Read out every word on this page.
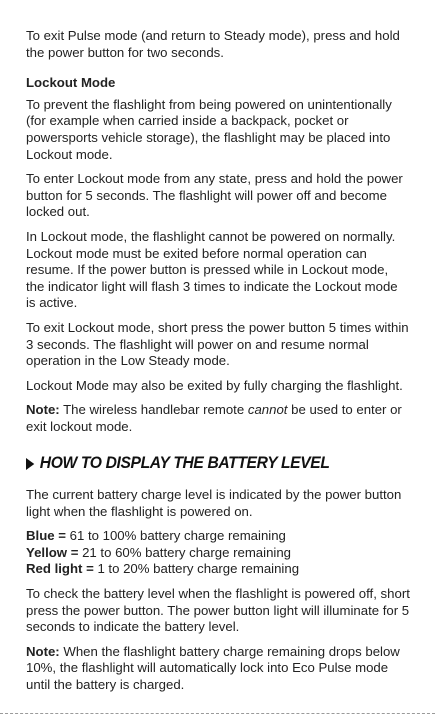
To exit Pulse mode (and return to Steady mode), press and hold the power button for two seconds.

Lockout Mode

To prevent the flashlight from being powered on unintentionally (for example when carried inside a backpack, pocket or powersports vehicle storage), the flashlight may be placed into Lockout mode.

To enter Lockout mode from any state, press and hold the power button for 5 seconds. The flashlight will power off and become locked out.

In Lockout mode, the flashlight cannot be powered on normally. Lockout mode must be exited before normal operation can resume. If the power button is pressed while in Lockout mode, the indicator light will flash 3 times to indicate the Lockout mode is active.

To exit Lockout mode, short press the power button 5 times within 3 seconds. The flashlight will power on and resume normal operation in the Low Steady mode.

Lockout Mode may also be exited by fully charging the flashlight.

Note: The wireless handlebar remote cannot be used to enter or exit lockout mode.

HOW TO DISPLAY THE BATTERY LEVEL

The current battery charge level is indicated by the power button light when the flashlight is powered on.

Blue = 61 to 100% battery charge remaining

Yellow = 21 to 60% battery charge remaining

Red light = 1 to 20% battery charge remaining

To check the battery level when the flashlight is powered off, short press the power button. The power button light will illuminate for 5 seconds to indicate the battery level.

Note: When the flashlight battery charge remaining drops below 10%, the flashlight will automatically lock into Eco Pulse mode until the battery is charged.
